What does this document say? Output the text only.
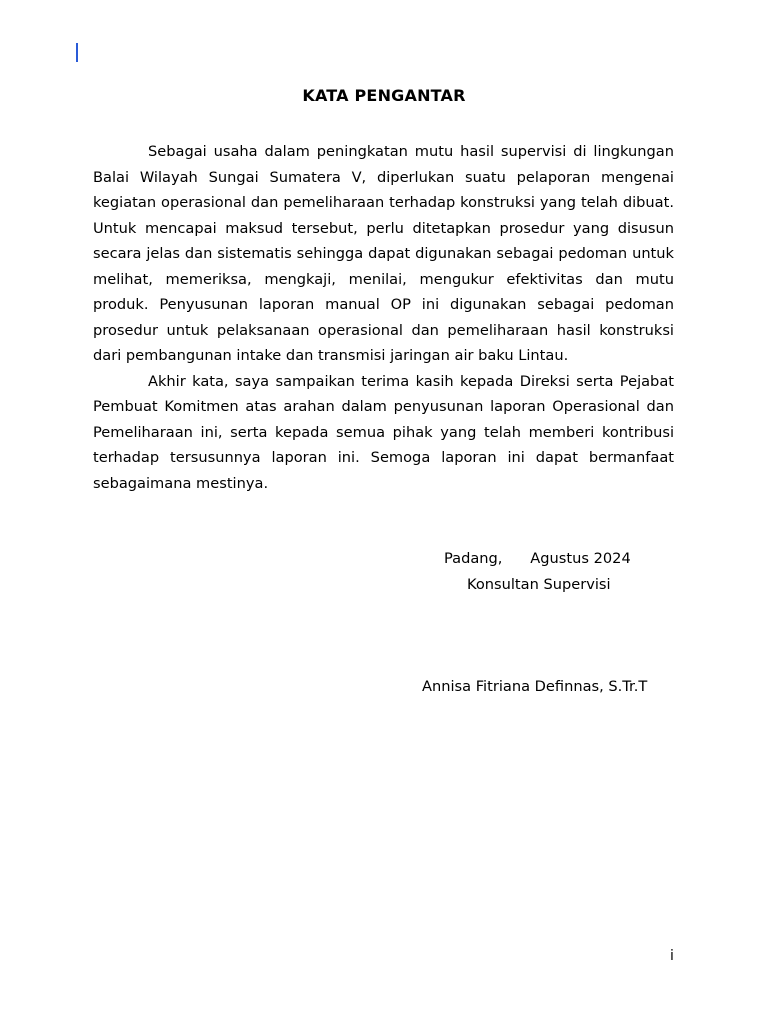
KATA PENGANTAR

Sebagai usaha dalam peningkatan mutu hasil supervisi di lingkungan Balai Wilayah Sungai Sumatera V, diperlukan suatu pelaporan mengenai kegiatan operasional dan pemeliharaan terhadap konstruksi yang telah dibuat. Untuk mencapai maksud tersebut, perlu ditetapkan prosedur yang disusun secara jelas dan sistematis sehingga dapat digunakan sebagai pedoman untuk melihat, memeriksa, mengkaji, menilai, mengukur efektivitas dan mutu produk. Penyusunan laporan manual OP ini digunakan sebagai pedoman prosedur untuk pelaksanaan operasional dan pemeliharaan hasil konstruksi dari pembangunan intake dan transmisi jaringan air baku Lintau.

Akhir kata, saya sampaikan terima kasih kepada Direksi serta Pejabat Pembuat Komitmen atas arahan dalam penyusunan laporan Operasional dan Pemeliharaan ini, serta kepada semua pihak yang telah memberi kontribusi terhadap tersusunnya laporan ini. Semoga laporan ini dapat bermanfaat sebagaimana mestinya.

Padang,      Agustus 2024
Konsultan Supervisi
Annisa Fitriana Definnas, S.Tr.T
i
